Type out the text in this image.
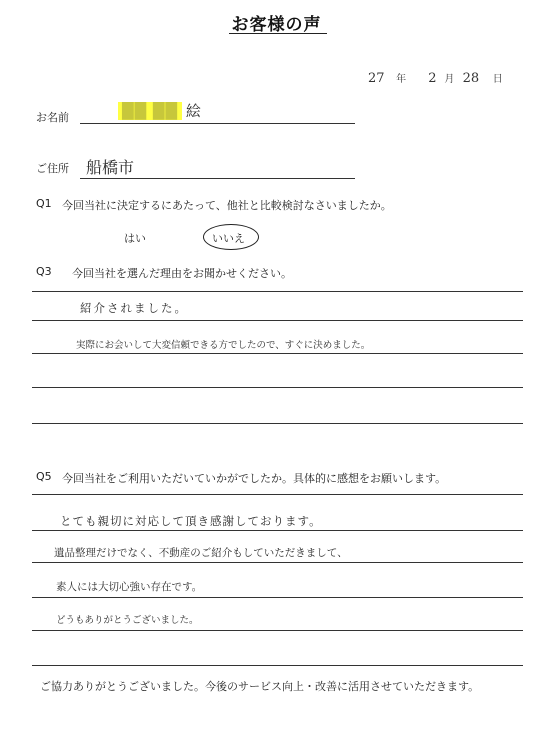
お客様の声
27 年 2 月 28 日
お名前	██ ██ 絵
ご住所 船橋市
Q1 今回当社に決定するにあたって、他社と比較検討なさいましたか。
はい	いいえ
Q3 今回当社を選んだ理由をお聞かせください。
紹介されました。
実際にお会いして大変信頼できる方でしたので、すぐに決めました。
Q5 今回当社をご利用いただいていかがでしたか。具体的に感想をお願いします。
とても親切に対応して頂き感謝しております。
遺品整理だけでなく、不動産のご紹介もしていただきまして、
素人には大切心強い存在です。
どうもありがとうございました。
ご協力ありがとうございました。今後のサービス向上・改善に活用させていただきます。
